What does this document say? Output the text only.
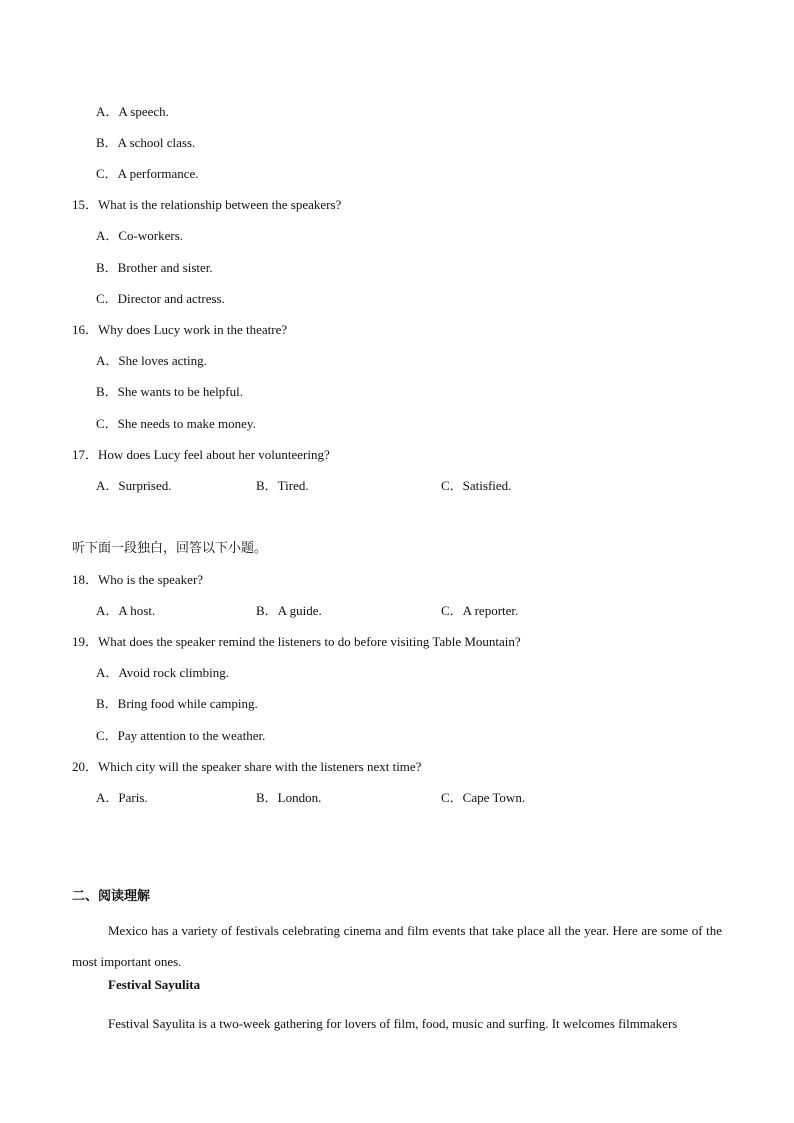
A．A speech.
B．A school class.
C．A performance.
15．What is the relationship between the speakers?
A．Co-workers.
B．Brother and sister.
C．Director and actress.
16．Why does Lucy work in the theatre?
A．She loves acting.
B．She wants to be helpful.
C．She needs to make money.
17．How does Lucy feel about her volunteering?
A．Surprised.	B．Tired.	C．Satisfied.
听下面一段独白，回答以下小题。
18．Who is the speaker?
A．A host.	B．A guide.	C．A reporter.
19．What does the speaker remind the listeners to do before visiting Table Mountain?
A．Avoid rock climbing.
B．Bring food while camping.
C．Pay attention to the weather.
20．Which city will the speaker share with the listeners next time?
A．Paris.	B．London.	C．Cape Town.
二、阅读理解
Mexico has a variety of festivals celebrating cinema and film events that take place all the year. Here are some of the most important ones.
Festival Sayulita
Festival Sayulita is a two-week gathering for lovers of film, food, music and surfing. It welcomes filmmakers
